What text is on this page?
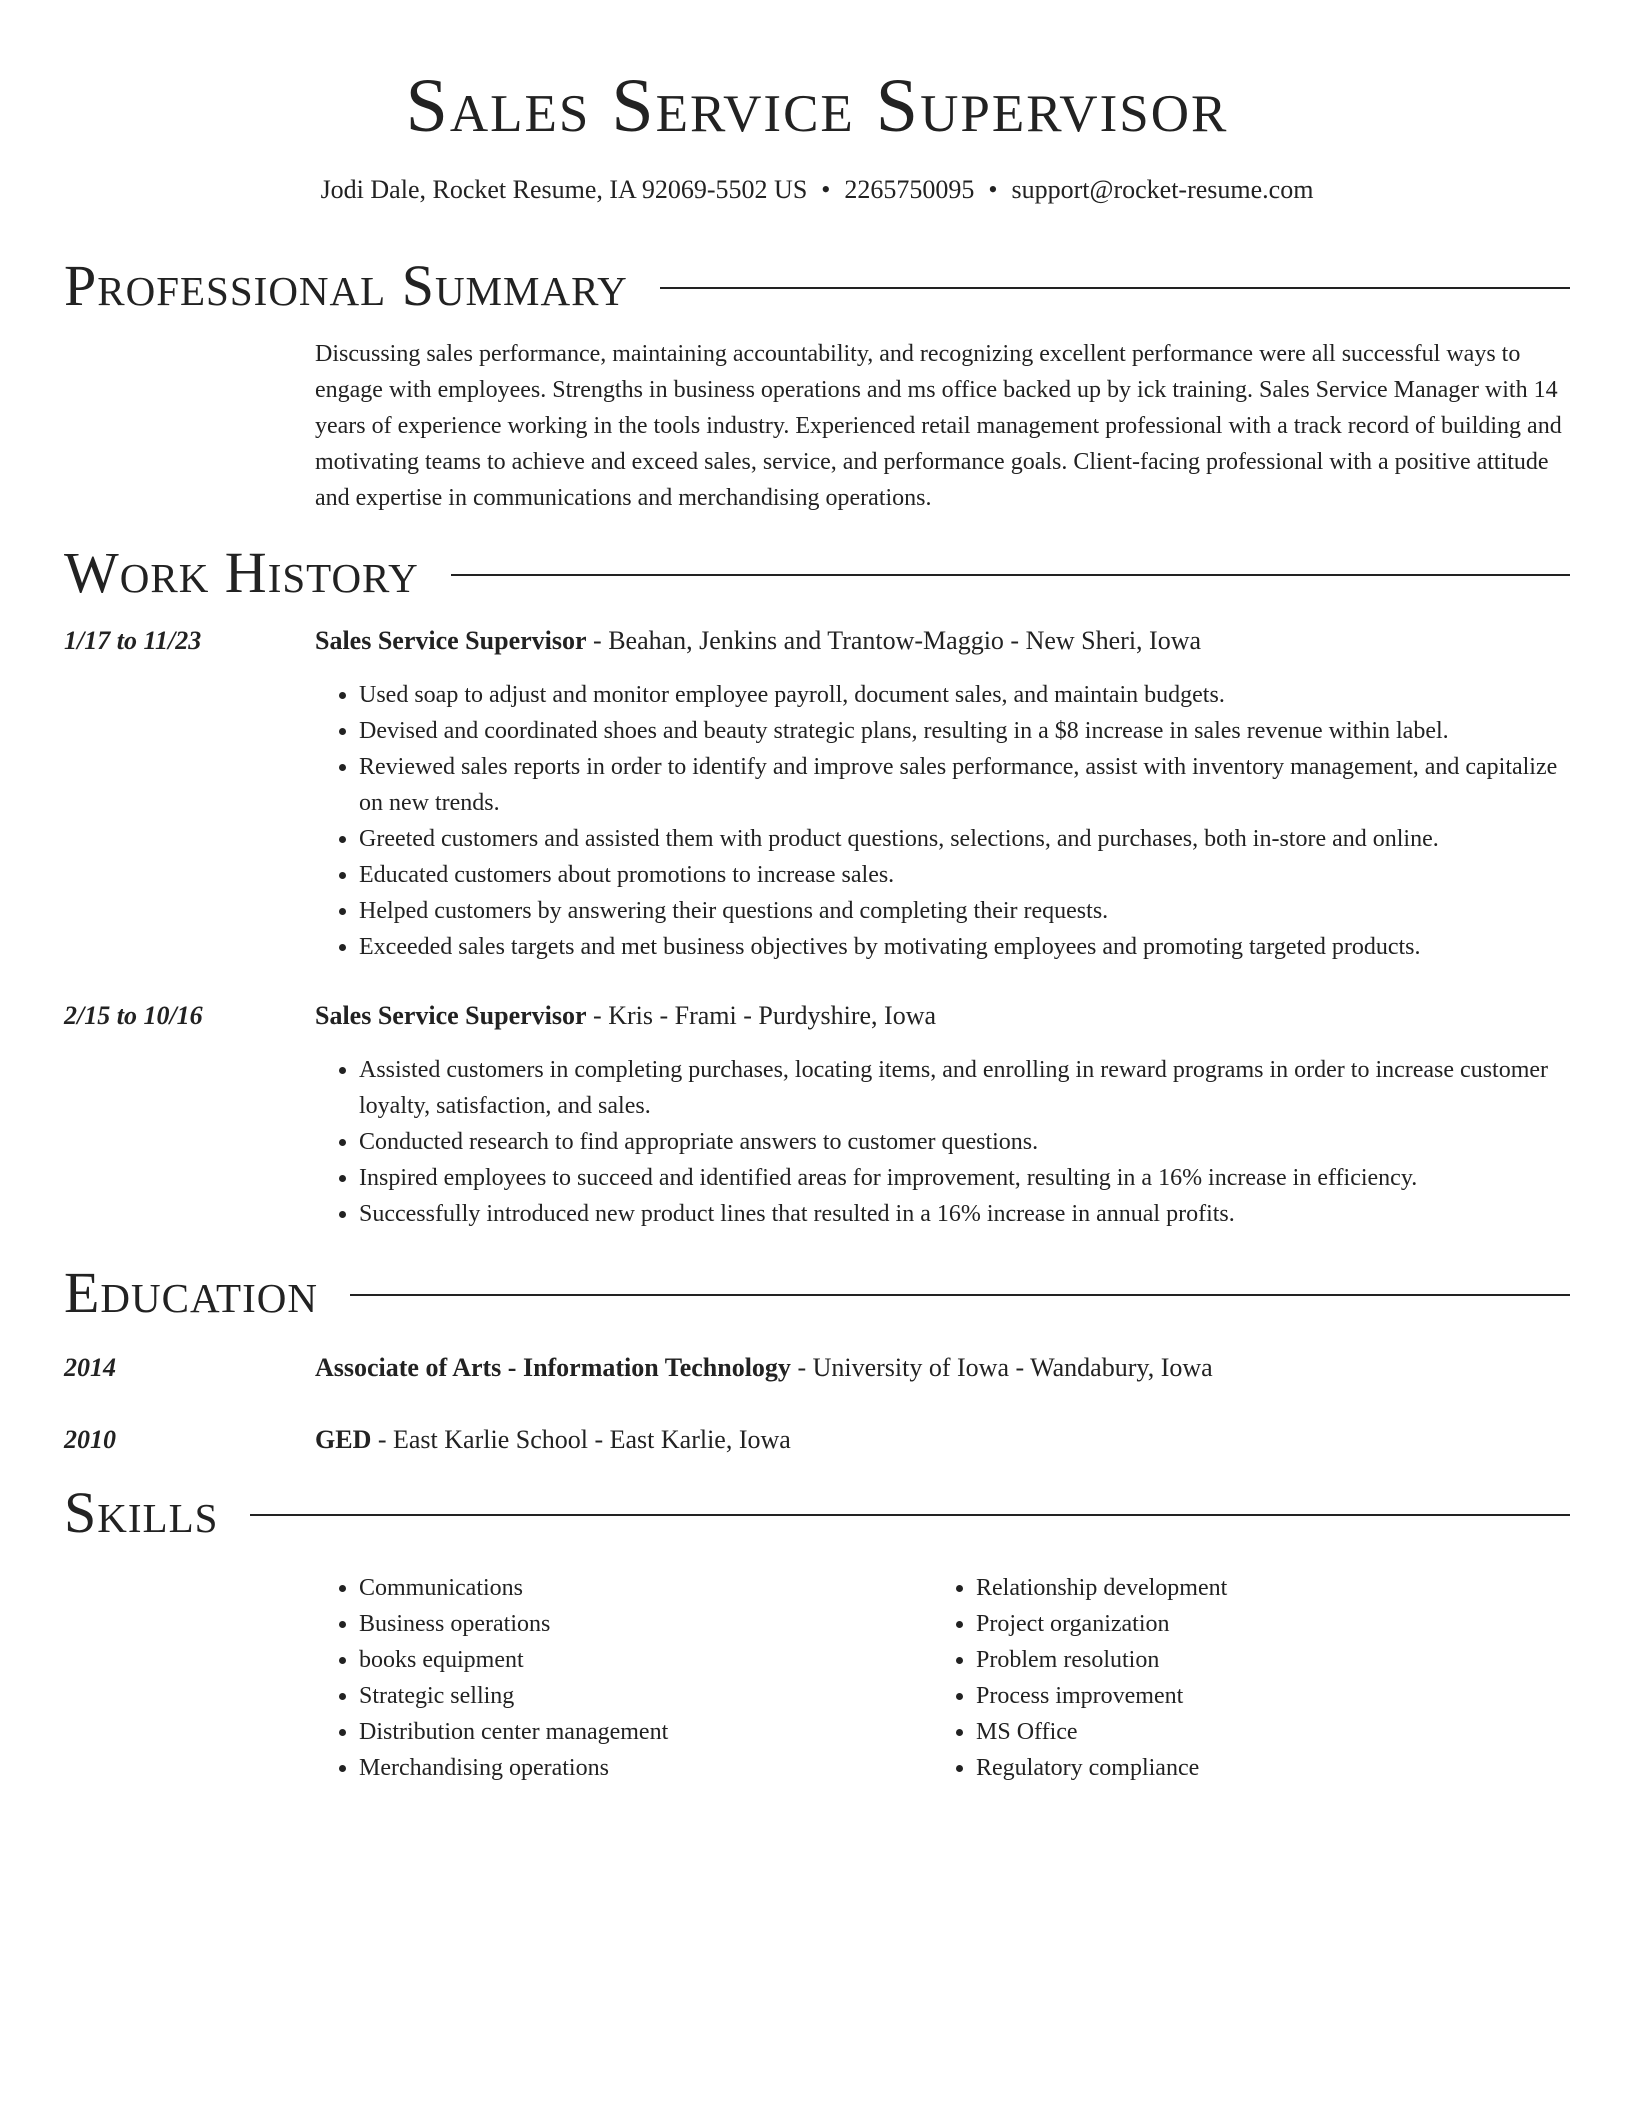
Sales Service Supervisor
Jodi Dale, Rocket Resume, IA 92069-5502 US • 2265750095 • support@rocket-resume.com
Professional Summary
Discussing sales performance, maintaining accountability, and recognizing excellent performance were all successful ways to engage with employees. Strengths in business operations and ms office backed up by ick training. Sales Service Manager with 14 years of experience working in the tools industry. Experienced retail management professional with a track record of building and motivating teams to achieve and exceed sales, service, and performance goals. Client-facing professional with a positive attitude and expertise in communications and merchandising operations.
Work History
1/17 to 11/23	Sales Service Supervisor - Beahan, Jenkins and Trantow-Maggio - New Sheri, Iowa
• Used soap to adjust and monitor employee payroll, document sales, and maintain budgets.
• Devised and coordinated shoes and beauty strategic plans, resulting in a $8 increase in sales revenue within label.
• Reviewed sales reports in order to identify and improve sales performance, assist with inventory management, and capitalize on new trends.
• Greeted customers and assisted them with product questions, selections, and purchases, both in-store and online.
• Educated customers about promotions to increase sales.
• Helped customers by answering their questions and completing their requests.
• Exceeded sales targets and met business objectives by motivating employees and promoting targeted products.
2/15 to 10/16	Sales Service Supervisor - Kris - Frami - Purdyshire, Iowa
• Assisted customers in completing purchases, locating items, and enrolling in reward programs in order to increase customer loyalty, satisfaction, and sales.
• Conducted research to find appropriate answers to customer questions.
• Inspired employees to succeed and identified areas for improvement, resulting in a 16% increase in efficiency.
• Successfully introduced new product lines that resulted in a 16% increase in annual profits.
Education
2014	Associate of Arts - Information Technology - University of Iowa - Wandabury, Iowa
2010	GED - East Karlie School - East Karlie, Iowa
Skills
• Communications
• Business operations
• books equipment
• Strategic selling
• Distribution center management
• Merchandising operations
• Relationship development
• Project organization
• Problem resolution
• Process improvement
• MS Office
• Regulatory compliance
